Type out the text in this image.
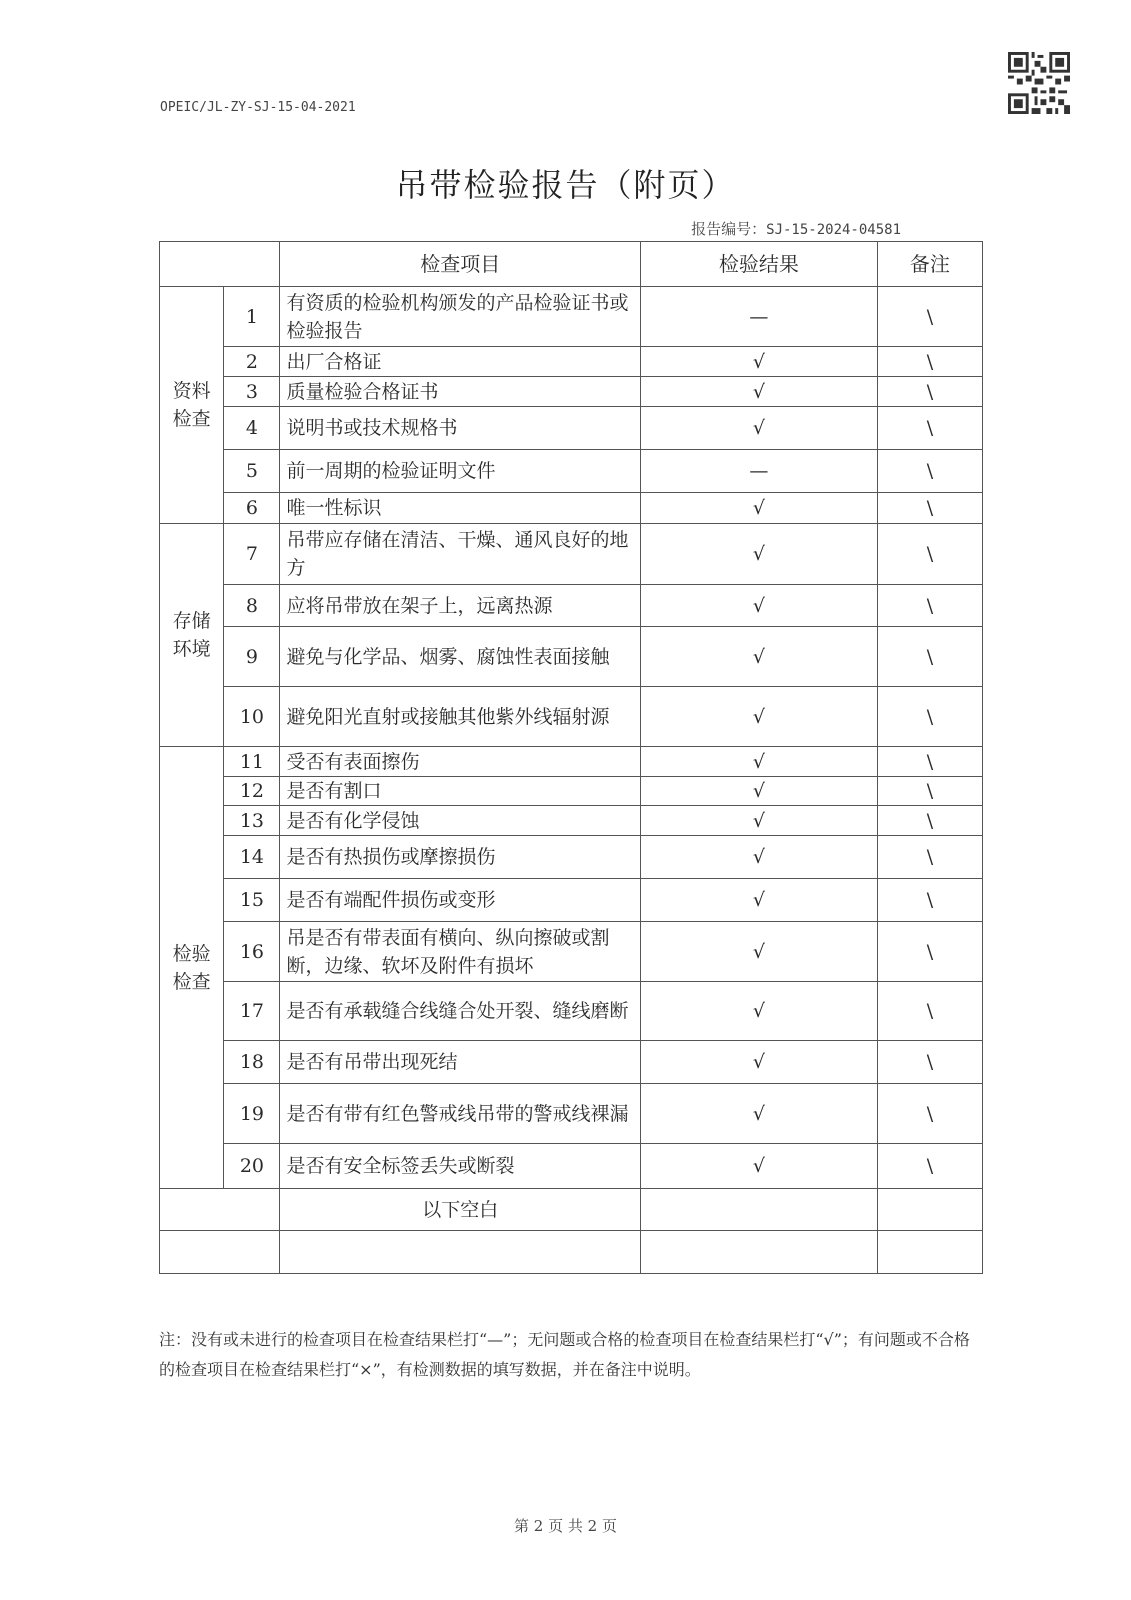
OPEIC/JL-ZY-SJ-15-04-2021
吊带检验报告（附页）
报告编号：SJ-15-2024-04581
		检查项目	检验结果	备注
资料
检查	1	有资质的检验机构颁发的产品检验证书或检验报告	—	\
	2	出厂合格证	√	\
	3	质量检验合格证书	√	\
	4	说明书或技术规格书	√	\
	5	前一周期的检验证明文件	—	\
	6	唯一性标识	√	\
存储
环境	7	吊带应存储在清洁、干燥、通风良好的地方	√	\
	8	应将吊带放在架子上，远离热源	√	\
	9	避免与化学品、烟雾、腐蚀性表面接触	√	\
	10	避免阳光直射或接触其他紫外线辐射源	√	\
检验
检查	11	受否有表面擦伤	√	\
	12	是否有割口	√	\
	13	是否有化学侵蚀	√	\
	14	是否有热损伤或摩擦损伤	√	\
	15	是否有端配件损伤或变形	√	\
	16	吊是否有带表面有横向、纵向擦破或割断，边缘、软坏及附件有损坏	√	\
	17	是否有承载缝合线缝合处开裂、缝线磨断	√	\
	18	是否有吊带出现死结	√	\
	19	是否有带有红色警戒线吊带的警戒线裸漏	√	\
	20	是否有安全标签丢失或断裂	√	\
		以下空白		

注：没有或未进行的检查项目在检查结果栏打“—”；无问题或合格的检查项目在检查结果栏打“√”；有问题或不合格的检查项目在检查结果栏打“×”，有检测数据的填写数据，并在备注中说明。
第 2 页 共 2 页
